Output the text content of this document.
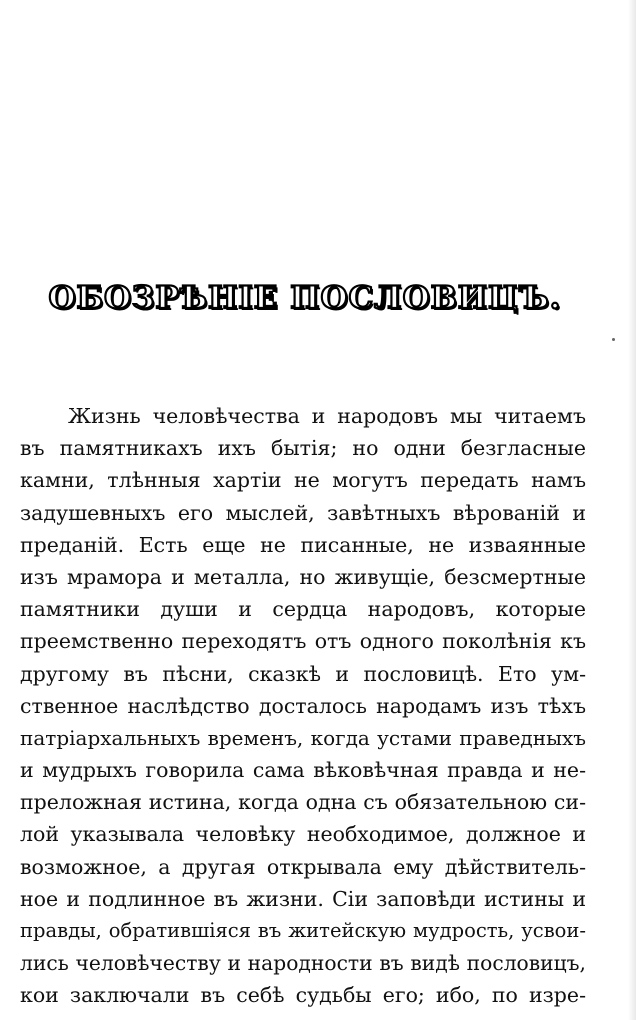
ОБОЗРѢНІЕ ПОСЛОВИЦЪ.
Жизнь человѣчества и народовъ мы читаемъ
въ памятникахъ ихъ бытія; но одни безгласные
камни, тлѣнныя хартіи не могутъ передать намъ
задушевныхъ его мыслей, завѣтныхъ вѣрованій и
преданій. Есть еще не писанные, не изваянные
изъ мрамора и металла, но живущіе, безсмертные
памятники души и сердца народовъ, которые
преемственно переходятъ отъ одного поколѣнія къ
другому въ пѣсни, сказкѣ и пословицѣ. Ето ум-
ственное наслѣдство досталось народамъ изъ тѣхъ
патріархальныхъ временъ, когда устами праведныхъ
и мудрыхъ говорила сама вѣковѣчная правда и не-
преложная истина, когда одна съ обязательною си-
лой указывала человѣку необходимое, должное и
возможное, а другая открывала ему дѣйствитель-
ное и подлинное въ жизни. Сіи заповѣди истины и
правды, обратившіяся въ житейскую мудрость, усвои-
лись человѣчеству и народности въ видѣ пословицъ,
кои заключали въ себѣ судьбы его; ибо, по изре-
